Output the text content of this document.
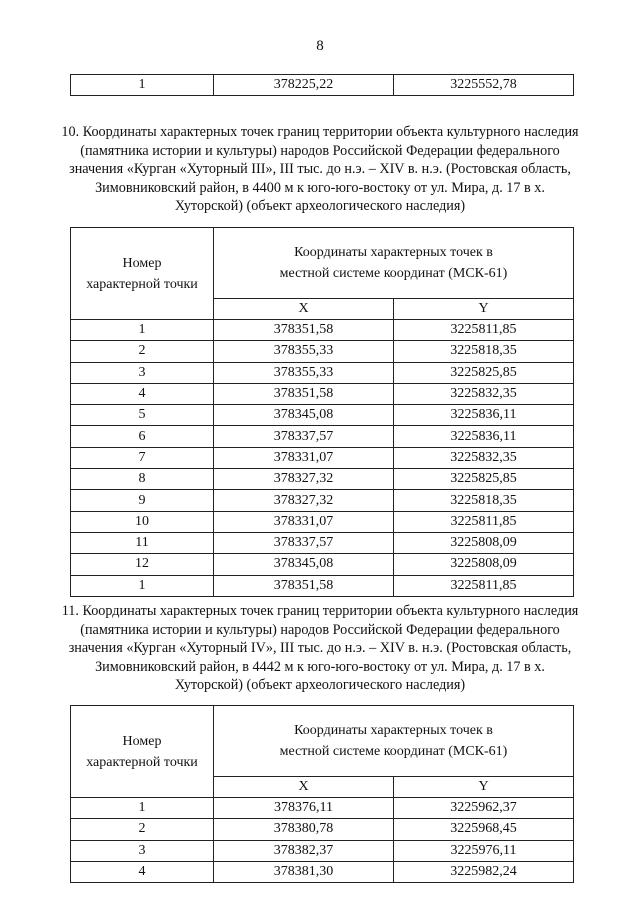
8
1	378225,22	3225552,78
10. Координаты характерных точек границ территории объекта культурного наследия (памятника истории и культуры) народов Российской Федерации федерального значения «Курган «Хуторный III», III тыс. до н.э. – XIV в. н.э. (Ростовская область, Зимовниковский район, в 4400 м к юго-юго-востоку от ул. Мира, д. 17 в х. Хуторской) (объект археологического наследия)
Номер характерной точки	Координаты характерных точек в местной системе координат (МСК-61)	
	X	Y
1	378351,58	3225811,85
2	378355,33	3225818,35
3	378355,33	3225825,85
4	378351,58	3225832,35
5	378345,08	3225836,11
6	378337,57	3225836,11
7	378331,07	3225832,35
8	378327,32	3225825,85
9	378327,32	3225818,35
10	378331,07	3225811,85
11	378337,57	3225808,09
12	378345,08	3225808,09
1	378351,58	3225811,85
11. Координаты характерных точек границ территории объекта культурного наследия (памятника истории и культуры) народов Российской Федерации федерального значения «Курган «Хуторный IV», III тыс. до н.э. – XIV в. н.э. (Ростовская область, Зимовниковский район, в 4442 м к юго-юго-востоку от ул. Мира, д. 17 в х. Хуторской) (объект археологического наследия)
Номер характерной точки	Координаты характерных точек в местной системе координат (МСК-61)	
	X	Y
1	378376,11	3225962,37
2	378380,78	3225968,45
3	378382,37	3225976,11
4	378381,30	3225982,24
